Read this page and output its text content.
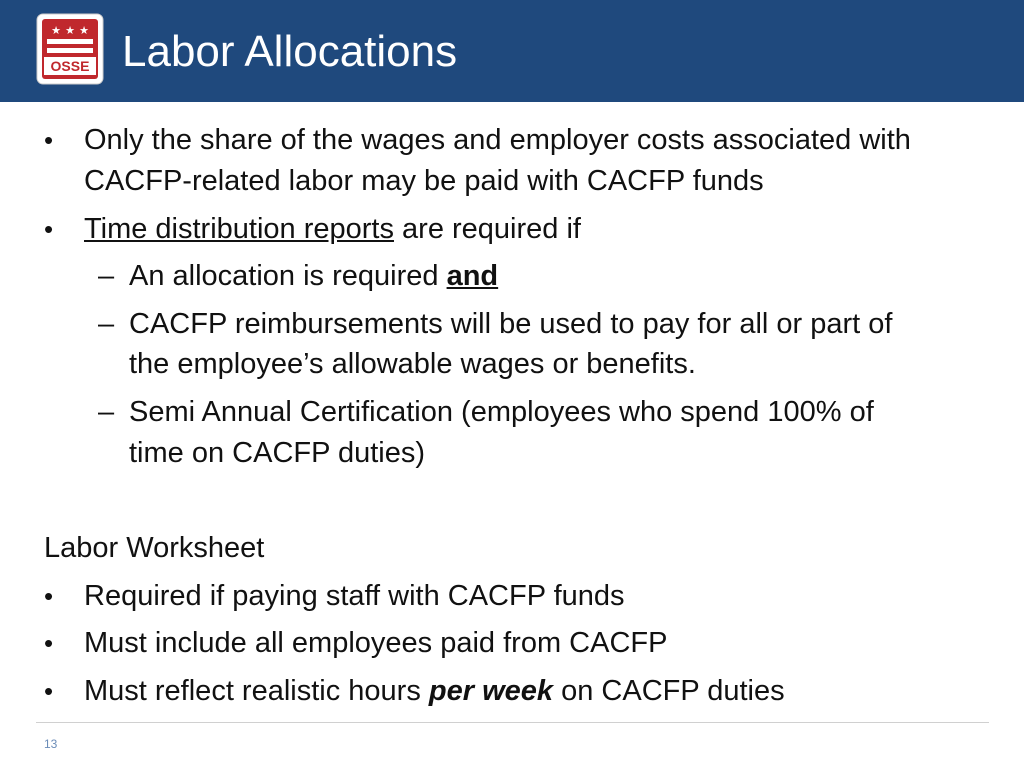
★ ★ ★
OSSE Labor Allocations
• Only the share of the wages and employer costs associated with
CACFP-related labor may be paid with CACFP funds
• Time distribution reports are required if
– An allocation is required and
– CACFP reimbursements will be used to pay for all or part of
the employee’s allowable wages or benefits.
– Semi Annual Certification (employees who spend 100% of
time on CACFP duties)
Labor Worksheet
• Required if paying staff with CACFP funds
• Must include all employees paid from CACFP
• Must reflect realistic hours per week on CACFP duties
13
